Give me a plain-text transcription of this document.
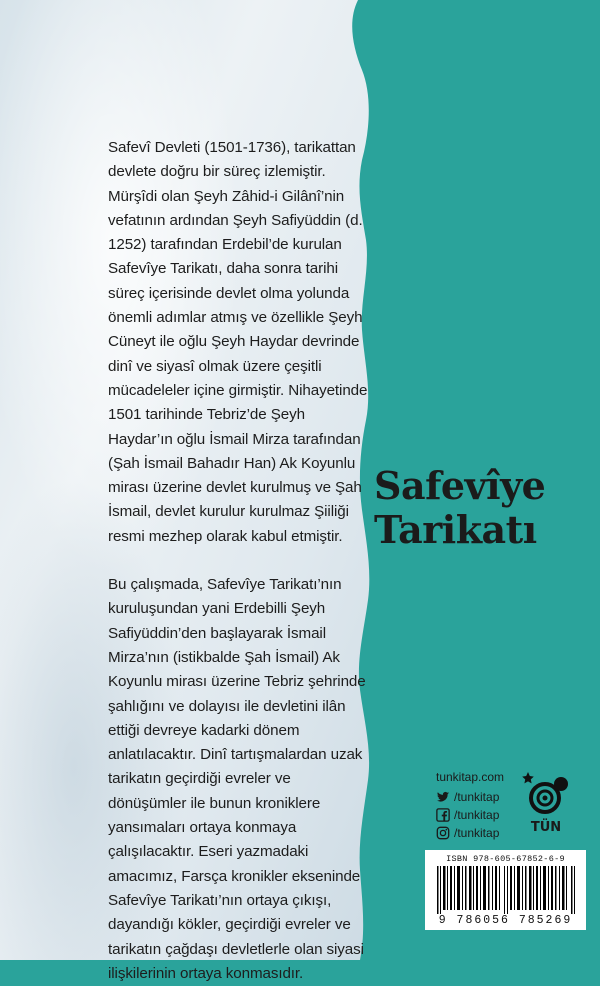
Safevî Devleti (1501-1736), tarikattan devlete doğru bir süreç izlemiştir. Mürşîdi olan Şeyh Zâhid-i Gilânî’nin vefatının ardından Şeyh Safiyüddin (d. 1252) tarafından Erdebil’de kurulan Safevîye Tarikatı, daha sonra tarihi süreç içerisinde devlet olma yolunda önemli adımlar atmış ve özellikle Şeyh Cüneyt ile oğlu Şeyh Haydar devrinde dinî ve siyasî olmak üzere çeşitli mücadeleler içine girmiştir. Nihayetinde 1501 tarihinde Tebriz’de Şeyh Haydar’ın oğlu İsmail Mirza tarafından (Şah İsmail Bahadır Han) Ak Koyunlu mirası üzerine devlet kurulmuş ve Şah İsmail, devlet kurulur kurulmaz Şiiliği resmi mezhep olarak kabul etmiştir.

Bu çalışmada, Safevîye Tarikatı’nın kuruluşundan yani Erdebilli Şeyh Safiyüddin’den başlayarak İsmail Mirza’nın (istikbalde Şah İsmail) Ak Koyunlu mirası üzerine Tebriz şehrinde şahlığını ve dolayısı ile devletini ilân ettiği devreye kadarki dönem anlatılacaktır. Dinî tartışmalardan uzak tarikatın geçirdiği evreler ve dönüşümler ile bunun kroniklere yansımaları ortaya konmaya çalışılacaktır. Eseri yazmadaki amacımız, Farsça kronikler ekseninde Safevîye Tarikatı’nın ortaya çıkışı, dayandığı kökler, geçirdiği evreler ve tarikatın çağdaşı devletlerle olan siyasi ilişkilerinin ortaya konmasıdır.

Safevîye
Tarikatı
tunkitap.com
/tunkitap
/tunkitap
/tunkitap	TÜN
ISBN 978-605-67852-6-9
9 786056 785269
